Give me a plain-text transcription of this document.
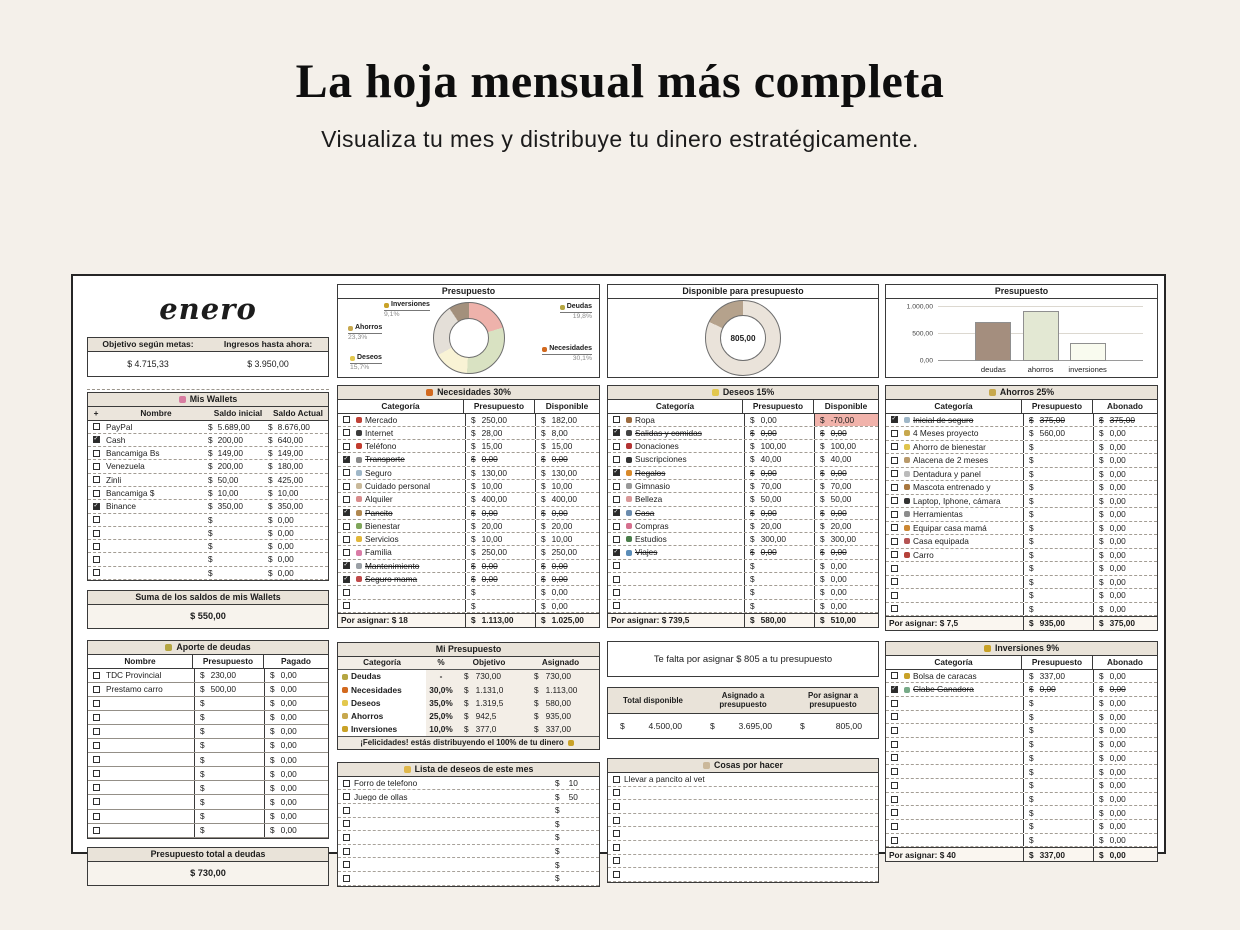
La hoja mensual más completa
Visualiza tu mes y distribuye tu dinero estratégicamente.
enero
Objetivo según metas:	Ingresos hasta ahora:
$ 4.715,33	$ 3.950,00
Mis Wallets
+	Nombre	Saldo inicial	Saldo Actual
PayPal	$ 5.689,00 $ 8.676,00
✓ Cash	$ 200,00	$ 640,00
Bancamiga Bs	$ 149,00	$ 149,00
Venezuela	$ 200,00	$ 180,00
Zinli	$ 50,00	$ 425,00
Bancamiga $	$ 10,00	$ 10,00
✓ Binance	$ 350,00	$ 350,00
$	$ 0,00
$	$ 0,00
$	$ 0,00
$	$ 0,00
$	$ 0,00
Suma de los saldos de mis Wallets
$ 550,00
Aporte de deudas
Nombre	Presupuesto	Pagado
TDC Provincial	$ 230,00	$ 0,00
Prestamo carro	$ 500,00	$ 0,00
$	$ 0,00
$	$ 0,00
$	$ 0,00
$	$ 0,00
$	$ 0,00
$	$ 0,00
$	$ 0,00
$	$ 0,00
$	$ 0,00
$	$ 0,00
Presupuesto total a deudas
$ 730,00
Presupuesto
Deudas
19,8%
Necesidades
30,1%
Deseos
15,7%
Ahorros
23,3%
Inversiones
9,1%
Necesidades 30%
Categoría	Presupuesto	Disponible
Mercado	$ 250,00	$ 182,00
Internet	$ 28,00	$ 8,00
Teléfono	$ 15,00	$ 15,00
✓ Transporte	$ 0,00	$ 0,00
Seguro	$ 130,00	$ 130,00
Cuidado personal	$ 10,00	$ 10,00
Alquiler	$ 400,00	$ 400,00
✓ Pancito	$ 0,00	$ 0,00
Bienestar	$ 20,00	$ 20,00
Servicios	$ 10,00	$ 10,00
Familia	$ 250,00	$ 250,00
✓ Mantenimiento	$ 0,00	$ 0,00
✓ Seguro mama	$ 0,00	$ 0,00
$	$ 0,00
$	$ 0,00
Por asignar: $ 18	$ 1.113,00	$ 1.025,00
Mi Presupuesto
Categoría	%	Objetivo	Asignado
Deudas	-	$ 730,00	$ 730,00
Necesidades	30,0%	$ 1.131,0	$ 1.113,00
Deseos	35,0%	$ 1.319,5	$ 580,00
Ahorros	25,0%	$ 942,5	$ 935,00
Inversiones	10,0%	$ 377,0	$ 337,00
¡Felicidades! estás distribuyendo el 100% de tu dinero
Lista de deseos de este mes
Forro de telefono	$ 10
Juego de ollas	$ 50
$
$
$
$
$
$
Disponible para presupuesto
805,00
Deseos 15%
Categoría	Presupuesto	Disponible
Ropa	$ 0,00	$ -70,00
✓ Salidas y comidas	$ 0,00	$ 0,00
Donaciones	$ 100,00	$ 100,00
Suscripciones	$ 40,00	$ 40,00
✓ Regalos	$ 0,00	$ 0,00
Gimnasio	$ 70,00	$ 70,00
Belleza	$ 50,00	$ 50,00
✓ Casa	$ 0,00	$ 0,00
Compras	$ 20,00	$ 20,00
Estudios	$ 300,00	$ 300,00
✓ Viajes	$ 0,00	$ 0,00
$	$ 0,00
$	$ 0,00
$	$ 0,00
$	$ 0,00
Por asignar: $ 739,5	$ 580,00	$ 510,00
Te falta por asignar $ 805 a tu presupuesto
Total disponible
Asignado a presupuesto
Por asignar a presupuesto
$	4.500,00	$	3.695,00	$	805,00
Cosas por hacer
Llevar a pancito al vet
Presupuesto
0,00
500,00
1.000,00
deudas	ahorros inversiones
Ahorros 25%
Categoría	Presupuesto	Abonado
✓ Inicial de seguro	$ 375,00	$ 375,00
4 Meses proyecto	$ 560,00	$ 0,00
Ahorro de bienestar	$	$ 0,00
Alacena de 2 meses	$	$ 0,00
Dentadura y panel	$	$ 0,00
Mascota entrenado y	$	$ 0,00
Laptop, Iphone, cámara	$	$ 0,00
Herramientas	$	$ 0,00
Equipar casa mamá	$	$ 0,00
Casa equipada	$	$ 0,00
Carro	$	$ 0,00
$	$ 0,00
$	$ 0,00
$	$ 0,00
$	$ 0,00
Por asignar: $ 7,5	$ 935,00	$ 375,00
Inversiones 9%
Categoría	Presupuesto	Abonado
Bolsa de caracas	$ 337,00	$ 0,00
✓ Clabe Ganadora	$ 0,00	$ 0,00
$	$ 0,00
$	$ 0,00
$	$ 0,00
$	$ 0,00
$	$ 0,00
$	$ 0,00
$	$ 0,00
$	$ 0,00
$	$ 0,00
$	$ 0,00
$	$ 0,00
Por asignar: $ 40	$ 337,00	$ 0,00
